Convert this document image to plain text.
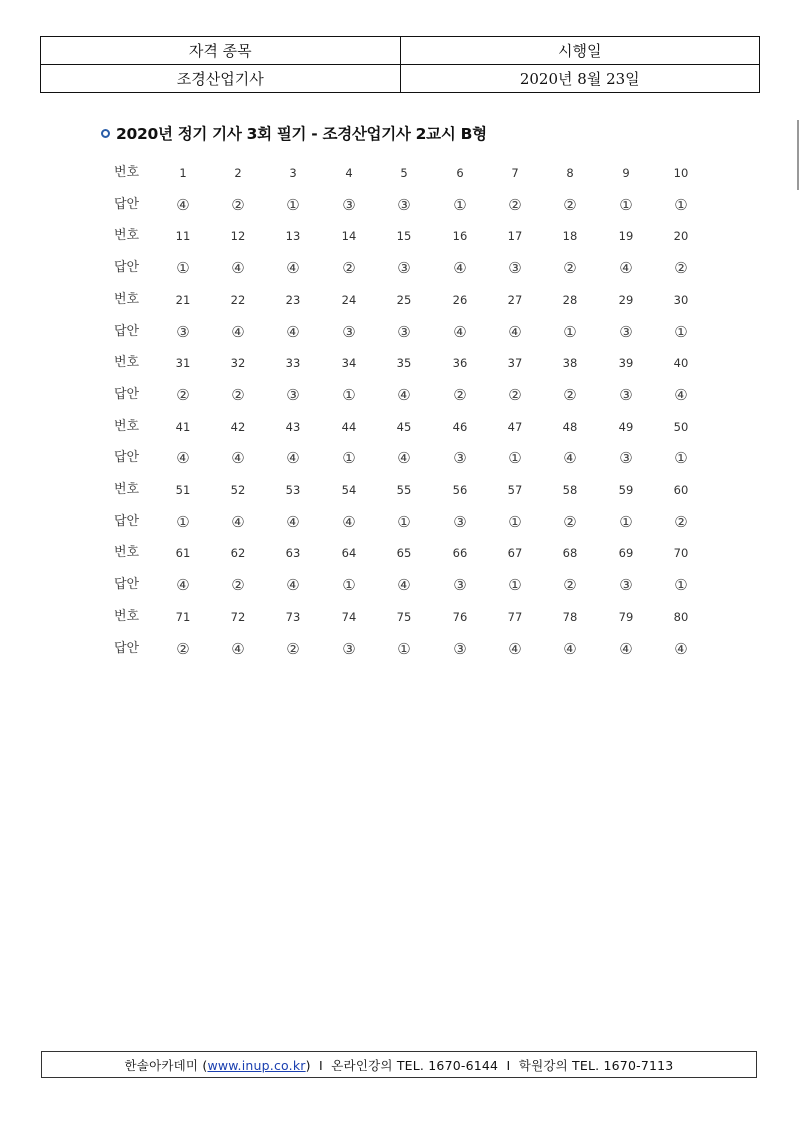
자격 종목	시행일
조경산업기사	2020년 8월 23일
2020년 정기 기사 3회 필기 - 조경산업기사 2교시 B형
번호	1	2	3	4	5	6	7	8	9	10
답안	④	②	①	③	③	①	②	②	①	①
번호	11	12	13	14	15	16	17	18	19	20
답안	①	④	④	②	③	④	③	②	④	②
번호	21	22	23	24	25	26	27	28	29	30
답안	③	④	④	③	③	④	④	①	③	①
번호	31	32	33	34	35	36	37	38	39	40
답안	②	②	③	①	④	②	②	②	③	④
번호	41	42	43	44	45	46	47	48	49	50
답안	④	④	④	①	④	③	①	④	③	①
번호	51	52	53	54	55	56	57	58	59	60
답안	①	④	④	④	①	③	①	②	①	②
번호	61	62	63	64	65	66	67	68	69	70
답안	④	②	④	①	④	③	①	②	③	①
번호	71	72	73	74	75	76	77	78	79	80
답안	②	④	②	③	①	③	④	④	④	④
한솔아카데미 (www.inup.co.kr)  I  온라인강의 TEL. 1670-6144  I  학원강의 TEL. 1670-7113
